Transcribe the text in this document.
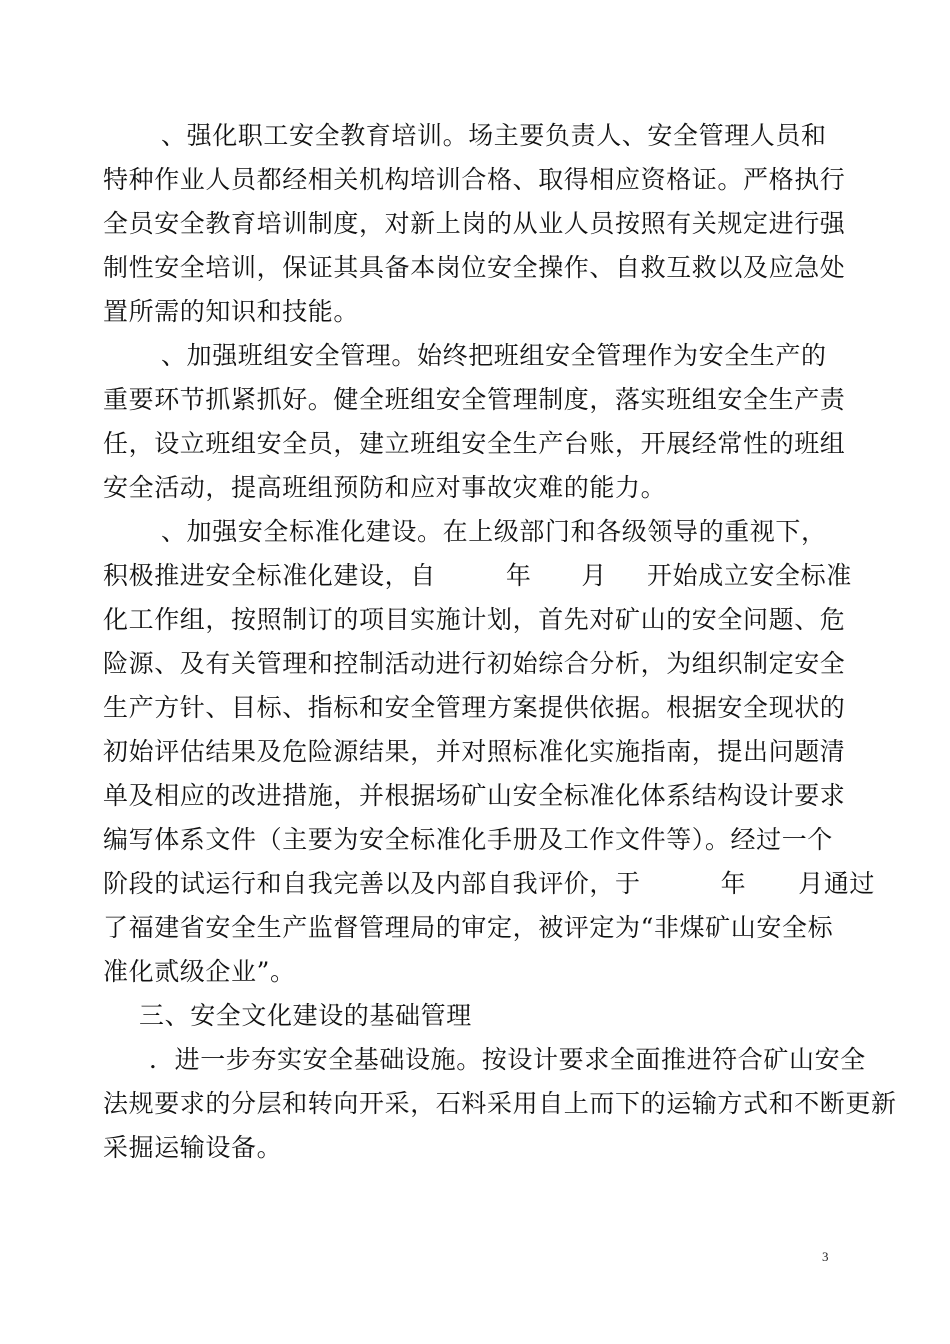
、强化职工安全教育培训。场主要负责人、安全管理人员和
特种作业人员都经相关机构培训合格、取得相应资格证。严格执行
全员安全教育培训制度，对新上岗的从业人员按照有关规定进行强
制性安全培训，保证其具备本岗位安全操作、自救互救以及应急处
置所需的知识和技能。
、加强班组安全管理。始终把班组安全管理作为安全生产的
重要环节抓紧抓好。健全班组安全管理制度，落实班组安全生产责
任，设立班组安全员，建立班组安全生产台账，开展经常性的班组
安全活动，提高班组预防和应对事故灾难的能力。
、加强安全标准化建设。在上级部门和各级领导的重视下，
积极推进安全标准化建设，自	年 月 开始成立安全标准
化工作组，按照制订的项目实施计划，首先对矿山的安全问题、危
险源、及有关管理和控制活动进行初始综合分析，为组织制定安全
生产方针、目标、指标和安全管理方案提供依据。根据安全现状的
初始评估结果及危险源结果，并对照标准化实施指南，提出问题清
单及相应的改进措施，并根据场矿山安全标准化体系结构设计要求
编写体系文件（主要为安全标准化手册及工作文件等）。经过一个
阶段的试运行和自我完善以及内部自我评价，于	年 月通过
了福建省安全生产监督管理局的审定，被评定为“非煤矿山安全标
准化贰级企业”。
三、安全文化建设的基础管理
．进一步夯实安全基础设施。按设计要求全面推进符合矿山安全
法规要求的分层和转向开采，石料采用自上而下的运输方式和不断更新
采掘运输设备。
3
